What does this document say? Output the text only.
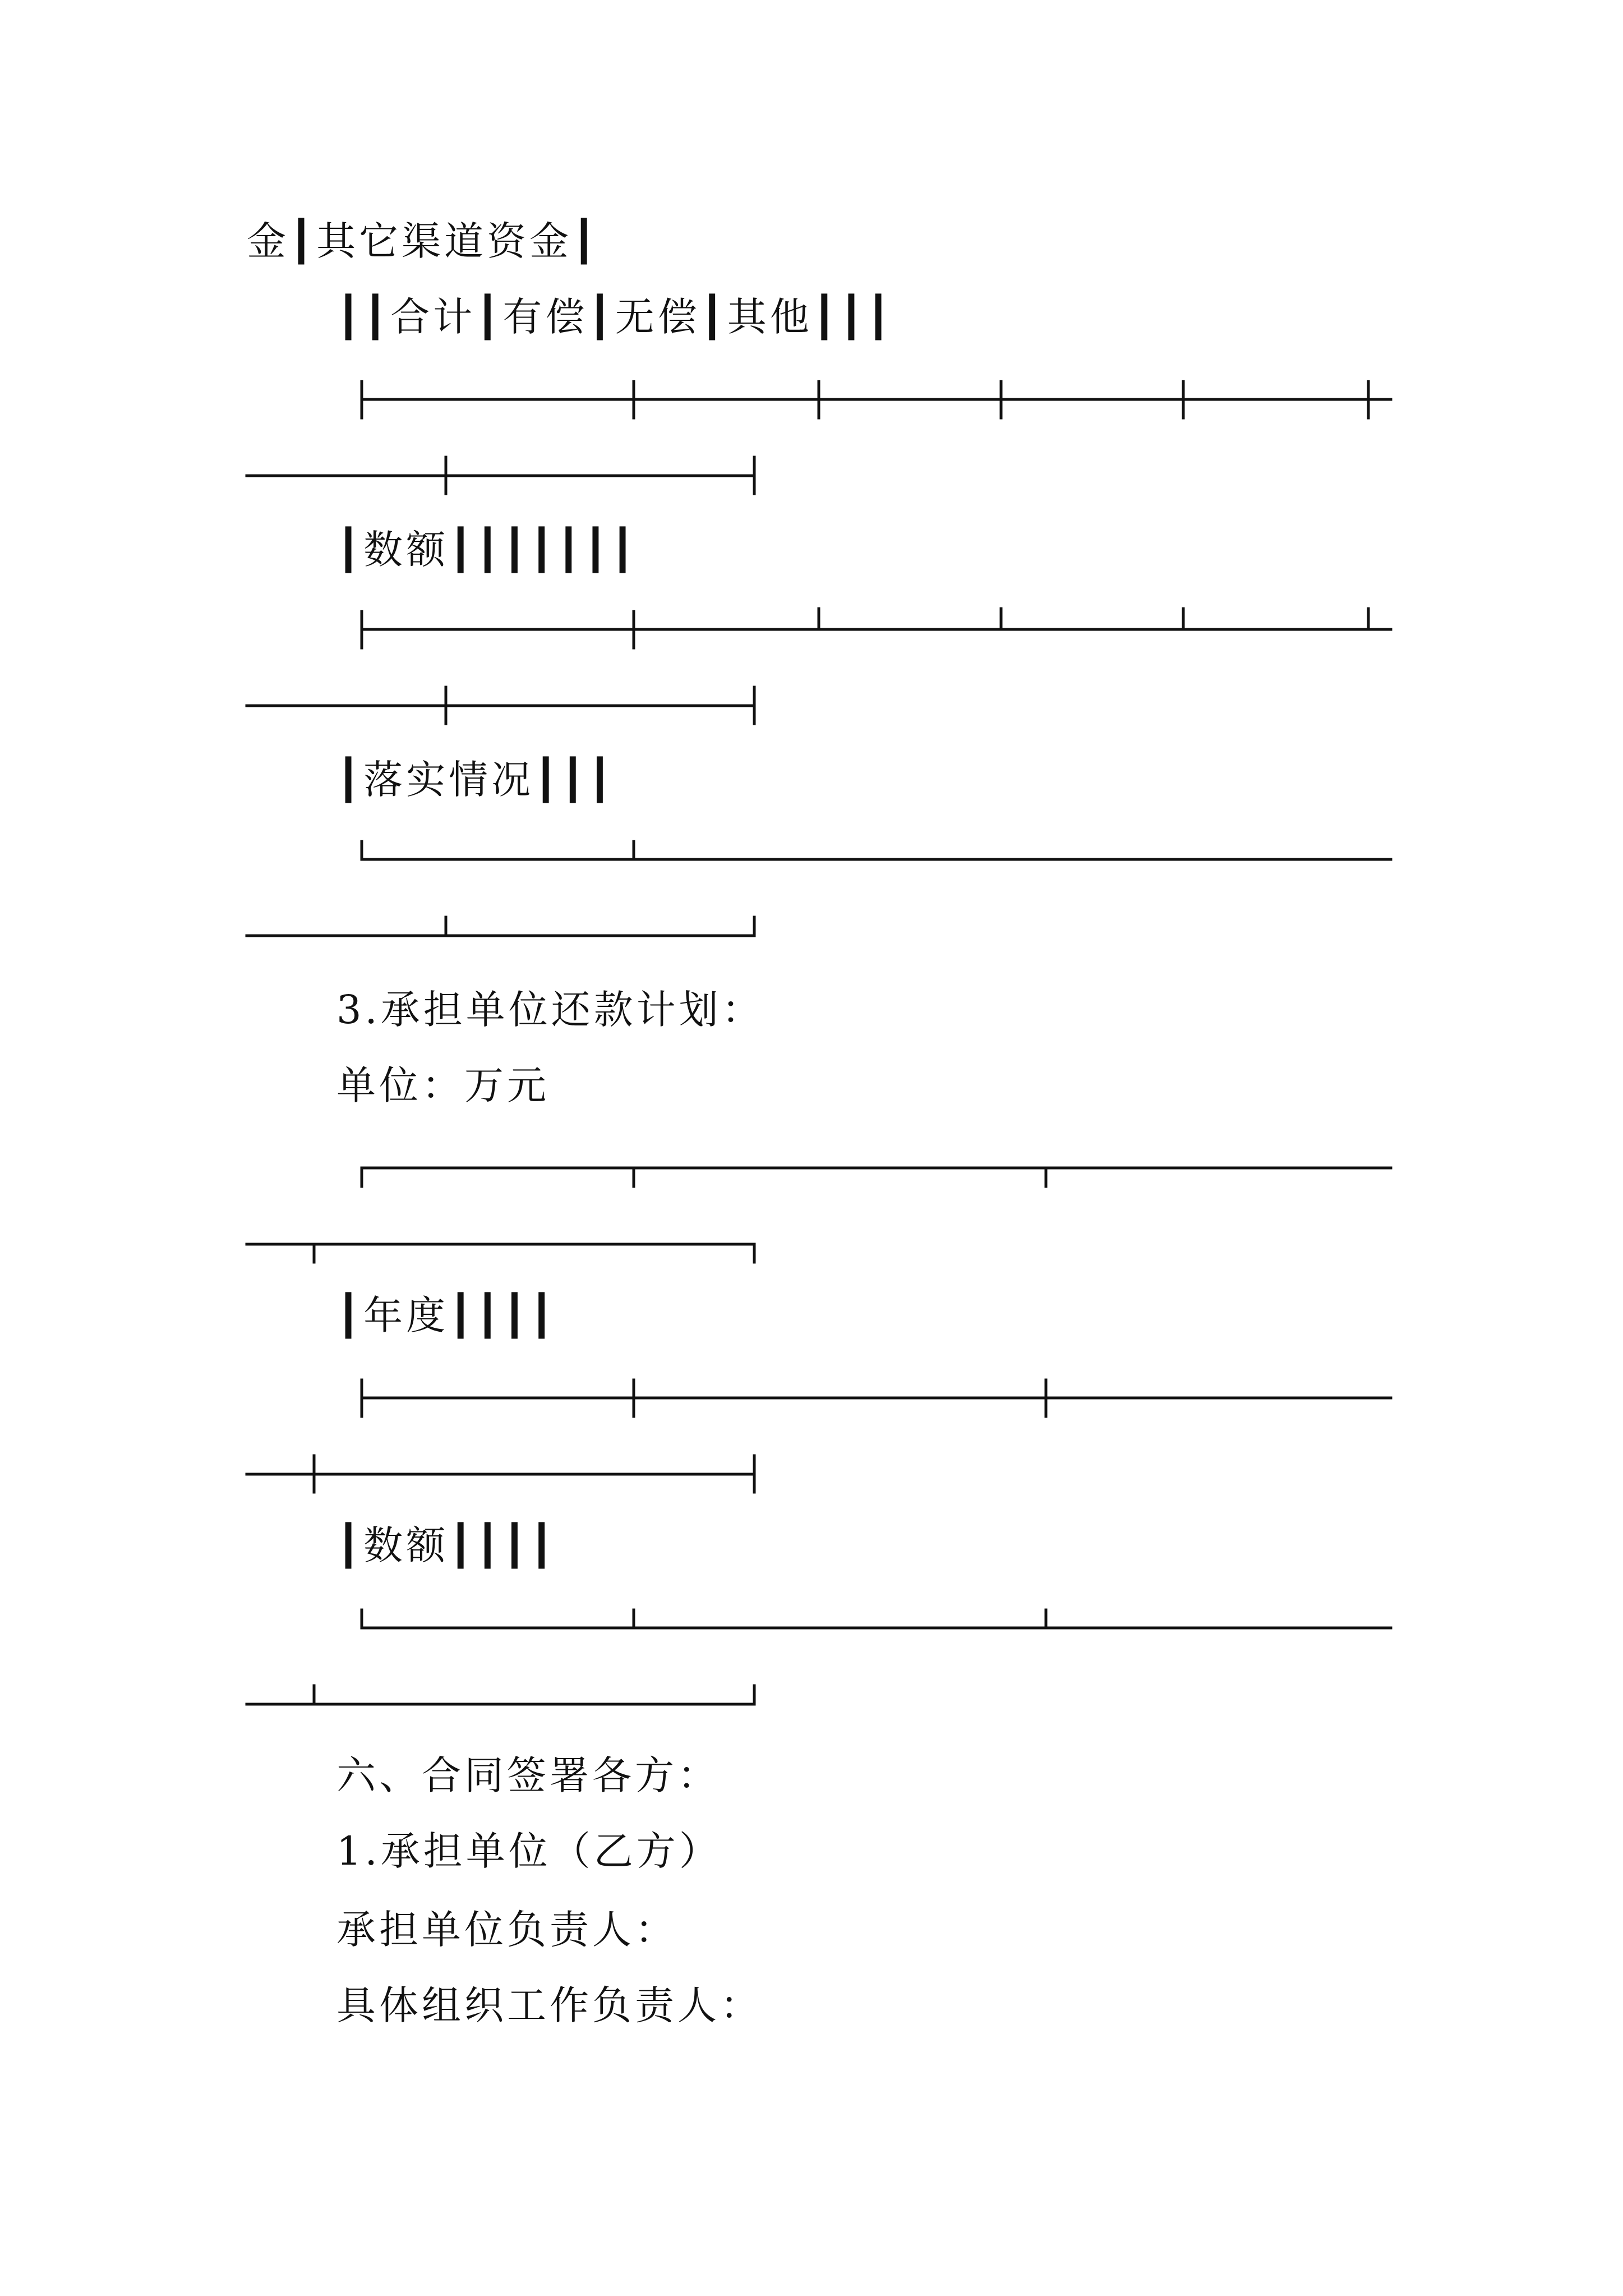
金┃其它渠道资金┃
┃┃合计┃有偿┃无偿┃其他┃┃┃
┃数额┃┃┃┃┃┃┃
┃落实情况┃┃┃
3.承担单位还款计划：
单位：万元
┃年度┃┃┃┃
┃数额┃┃┃┃
六、合同签署各方：
1.承担单位（乙方）
承担单位负责人：
具体组织工作负责人：
